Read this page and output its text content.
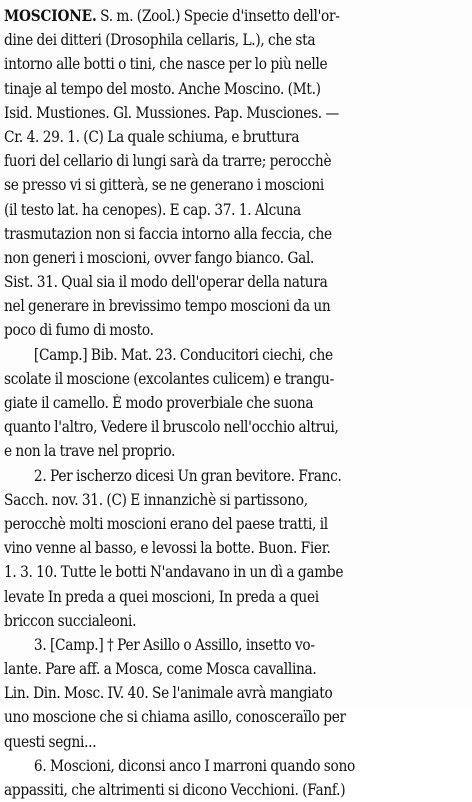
MOSCIONE. S. m. (Zool.) Specie d'insetto dell'or-
dine dei ditteri (Drosophila cellaris, L.), che sta
intorno alle botti o tini, che nasce per lo più nelle
tinaje al tempo del mosto. Anche Moscino. (Mt.)
Isid. Mustiones. Gl. Mussiones. Pap. Musciones. —
Cr. 4. 29. 1. (C) La quale schiuma, e bruttura
fuori del cellario di lungi sarà da trarre; perocchè
se presso vi si gitterà, se ne generano i moscioni
(il testo lat. ha cenopes). E cap. 37. 1. Alcuna
trasmutazion non si faccia intorno alla feccia, che
non generi i moscioni, ovver fango bianco. Gal.
Sist. 31. Qual sia il modo dell'operar della natura
nel generare in brevissimo tempo moscioni da un
poco di fumo di mosto.
[Camp.] Bib. Mat. 23. Conducitori ciechi, che
scolate il moscione (excolantes culicem) e trangu-
giate il camello. È modo proverbiale che suona
quanto l'altro, Vedere il bruscolo nell'occhio altrui,
e non la trave nel proprio.
2. Per ischerzo dicesi Un gran bevitore. Franc.
Sacch. nov. 31. (C) E innanzichè si partissono,
perocchè molti moscioni erano del paese tratti, il
vino venne al basso, e levossi la botte. Buon. Fier.
1. 3. 10. Tutte le botti N'andavano in un dì a gambe
levate In preda a quei moscioni, In preda a quei
briccon succialeoni.
3. [Camp.] † Per Asillo o Assillo, insetto vo-
lante. Pare aff. a Mosca, come Mosca cavallina.
Lin. Din. Mosc. IV. 40. Se l'animale avrà mangiato
uno moscione che si chiama asillo, conosceraïlo per
questi segni...
6. Moscioni, diconsi anco I marroni quando sono
appassiti, che altrimenti si dicono Vecchioni. (Fanf.)
